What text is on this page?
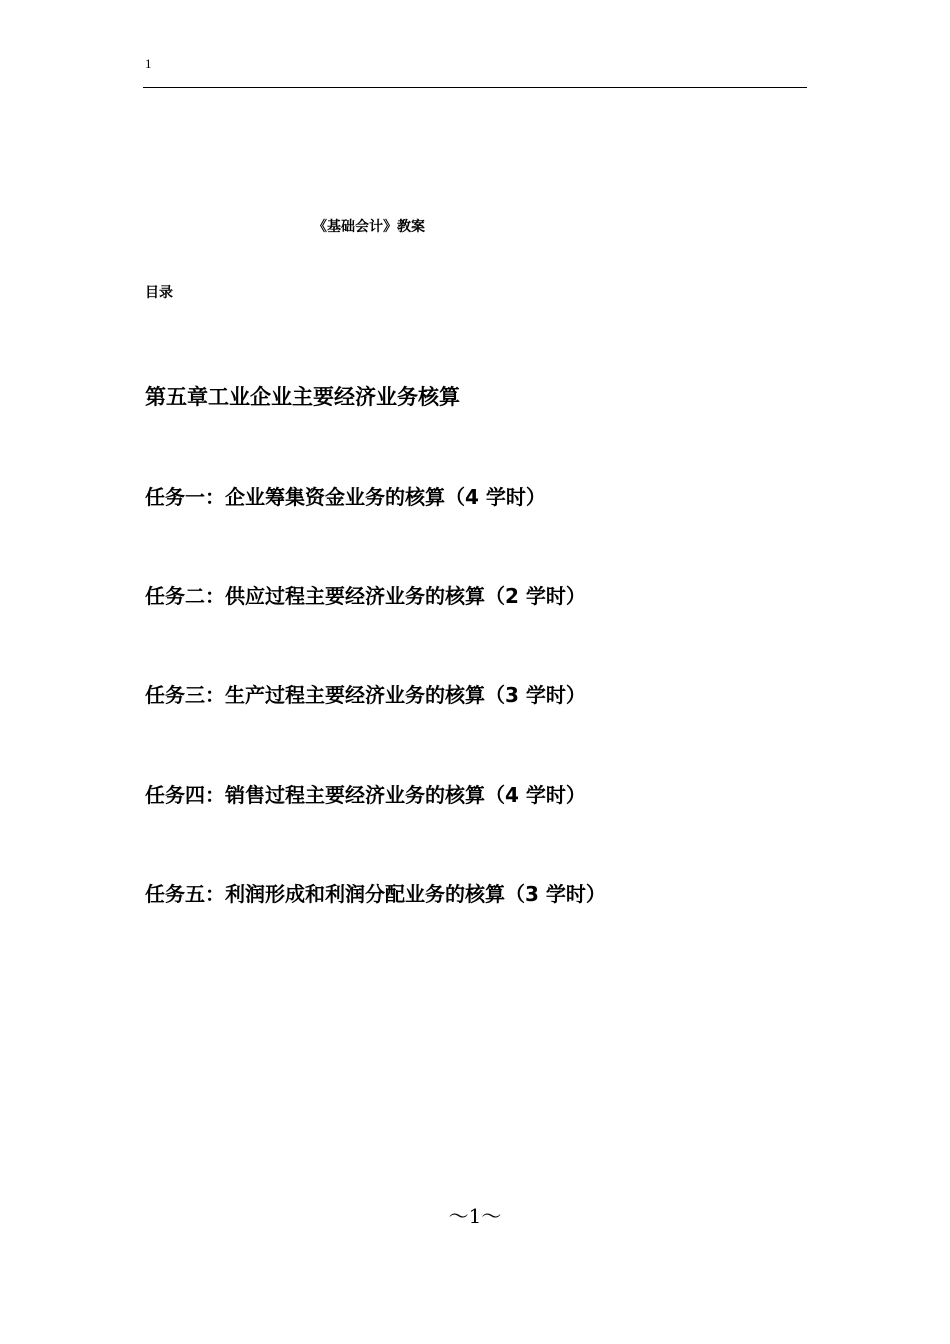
1
《基础会计》教案
目录
第五章工业企业主要经济业务核算
任务一：企业筹集资金业务的核算（4 学时）
任务二：供应过程主要经济业务的核算（2 学时）
任务三：生产过程主要经济业务的核算（3 学时）
任务四：销售过程主要经济业务的核算（4 学时）
任务五：利润形成和利润分配业务的核算（3 学时）
～1～
